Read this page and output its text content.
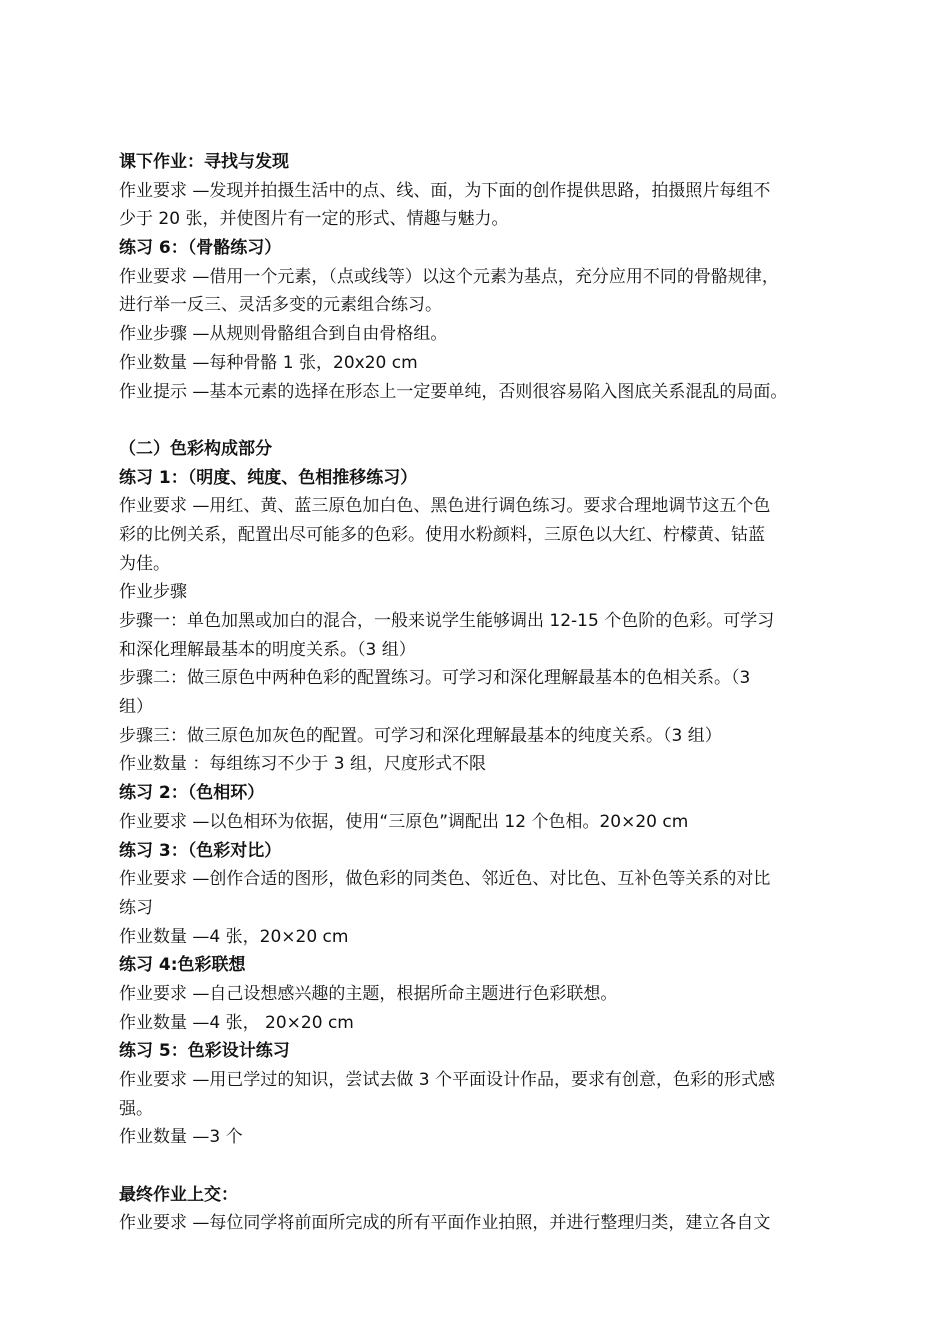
课下作业：寻找与发现
作业要求 —发现并拍摄生活中的点、线、面，为下面的创作提供思路，拍摄照片每组不
少于 20 张，并使图片有一定的形式、情趣与魅力。
练习 6：（骨骼练习）
作业要求 —借用一个元素，（点或线等）以这个元素为基点，充分应用不同的骨骼规律，
进行举一反三、灵活多变的元素组合练习。
作业步骤 —从规则骨骼组合到自由骨格组。
作业数量 —每种骨骼 1 张，20x20 cm
作业提示 —基本元素的选择在形态上一定要单纯，否则很容易陷入图底关系混乱的局面。
（二）色彩构成部分
练习 1：（明度、纯度、色相推移练习）
作业要求 —用红、黄、蓝三原色加白色、黑色进行调色练习。要求合理地调节这五个色
彩的比例关系，配置出尽可能多的色彩。使用水粉颜料，三原色以大红、柠檬黄、钴蓝
为佳。
作业步骤
步骤一：单色加黑或加白的混合，一般来说学生能够调出 12-15 个色阶的色彩。可学习
和深化理解最基本的明度关系。（3 组）
步骤二：做三原色中两种色彩的配置练习。可学习和深化理解最基本的色相关系。（3
组）
步骤三：做三原色加灰色的配置。可学习和深化理解最基本的纯度关系。（3 组）
作业数量 ：每组练习不少于 3 组，尺度形式不限
练习 2：（色相环）
作业要求 —以色相环为依据，使用“三原色”调配出 12 个色相。20×20 cm
练习 3：（色彩对比）
作业要求 —创作合适的图形，做色彩的同类色、邻近色、对比色、互补色等关系的对比
练习
作业数量 —4 张，20×20 cm
练习 4:色彩联想
作业要求 —自己设想感兴趣的主题，根据所命主题进行色彩联想。
作业数量 —4 张， 20×20 cm
练习 5：色彩设计练习
作业要求 —用已学过的知识，尝试去做 3 个平面设计作品，要求有创意，色彩的形式感
强。
作业数量 —3 个
最终作业上交：
作业要求 —每位同学将前面所完成的所有平面作业拍照，并进行整理归类，建立各自文
